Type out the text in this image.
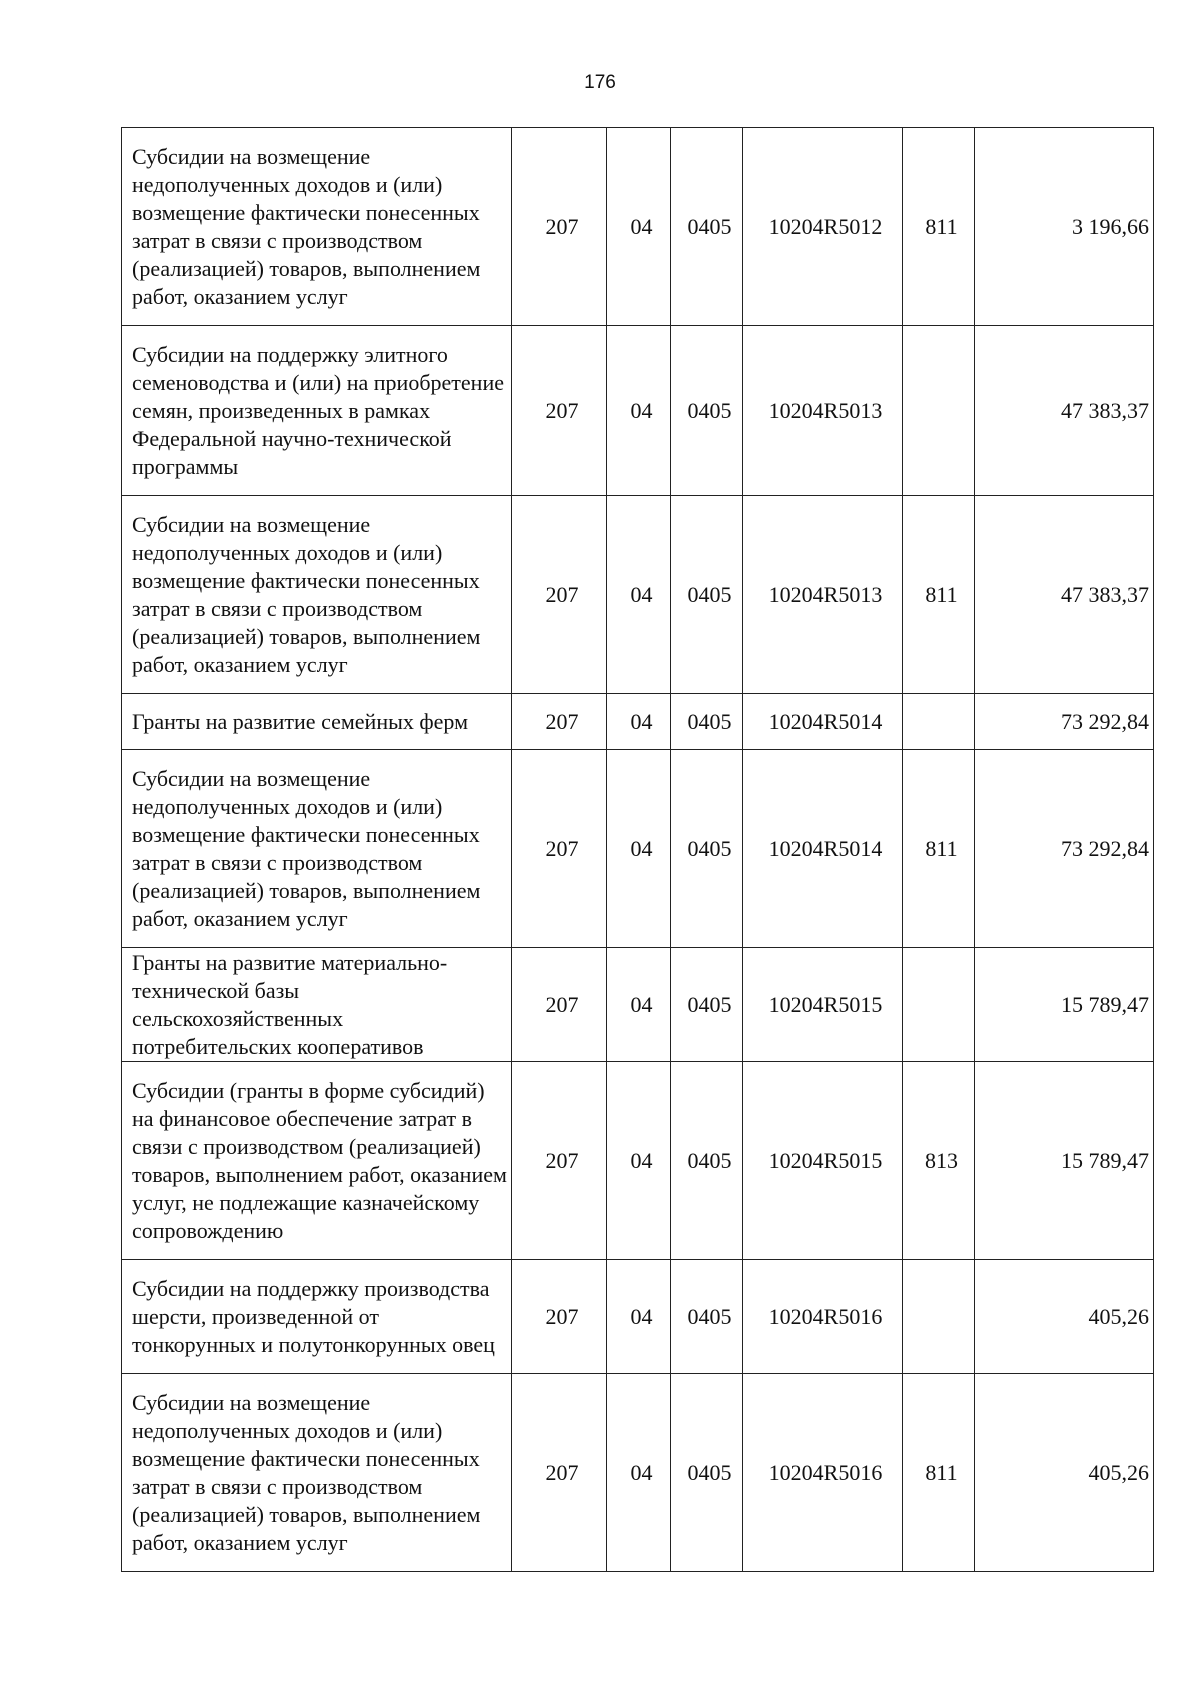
176
Субсидии на возмещение недополученных доходов и (или) возмещение фактически понесенных затрат в связи с производством (реализацией) товаров, выполнением работ, оказанием услуг	207	04	0405	10204R5012	811	3 196,66
Субсидии на поддержку элитного семеноводства и (или) на приобретение семян, произведенных в рамках Федеральной научно-технической программы	207	04	0405	10204R5013		47 383,37
Субсидии на возмещение недополученных доходов и (или) возмещение фактически понесенных затрат в связи с производством (реализацией) товаров, выполнением работ, оказанием услуг	207	04	0405	10204R5013	811	47 383,37
Гранты на развитие семейных ферм	207	04	0405	10204R5014		73 292,84
Субсидии на возмещение недополученных доходов и (или) возмещение фактически понесенных затрат в связи с производством (реализацией) товаров, выполнением работ, оказанием услуг	207	04	0405	10204R5014	811	73 292,84
Гранты на развитие материально-технической базы сельскохозяйственных потребительских кооперативов	207	04	0405	10204R5015		15 789,47
Субсидии (гранты в форме субсидий) на финансовое обеспечение затрат в связи с производством (реализацией) товаров, выполнением работ, оказанием услуг, не подлежащие казначейскому сопровождению	207	04	0405	10204R5015	813	15 789,47
Субсидии на поддержку производства шерсти, произведенной от тонкорунных и полутонкорунных овец	207	04	0405	10204R5016		405,26
Субсидии на возмещение недополученных доходов и (или) возмещение фактически понесенных затрат в связи с производством (реализацией) товаров, выполнением работ, оказанием услуг	207	04	0405	10204R5016	811	405,26
